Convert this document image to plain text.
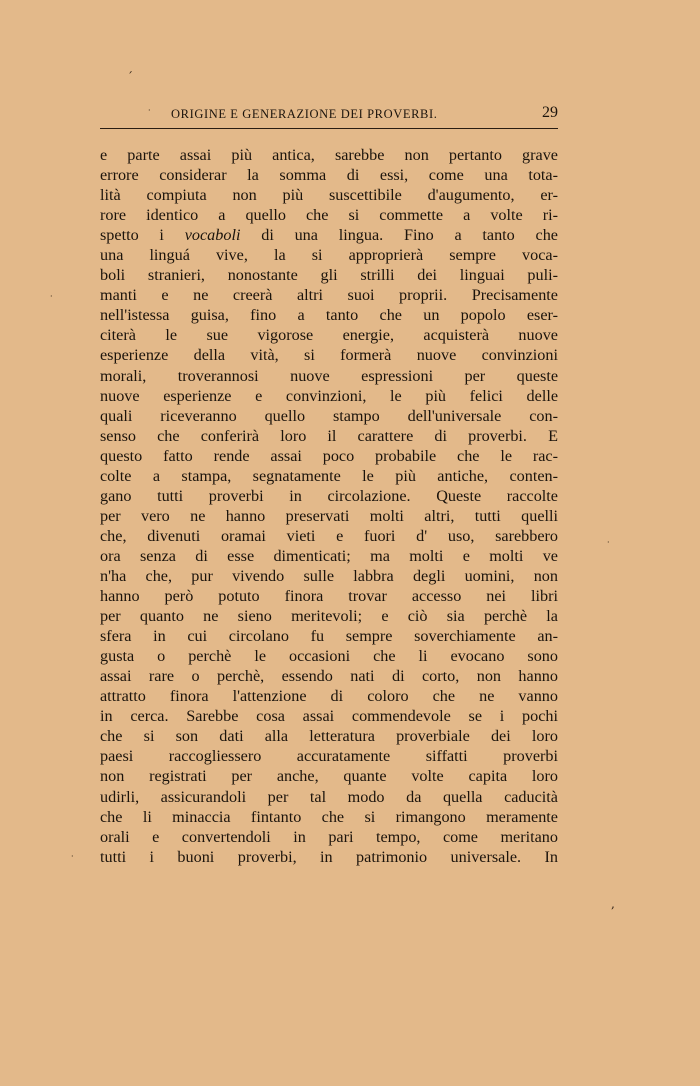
´
·
·
·
·
,
ORIGINE E GENERAZIONE DEI PROVERBI.	29
e parte assai più antica, sarebbe non pertanto grave
errore considerar la somma di essi, come una tota-
lità compiuta non più suscettibile d'augumento, er-
rore identico a quello che si commette a volte ri-
spetto i vocaboli di una lingua. Fino a tanto che
una linguá vive, la si approprierà sempre voca-
boli stranieri, nonostante gli strilli dei linguai puli-
manti e ne creerà altri suoi proprii. Precisamente
nell'istessa guisa, fino a tanto che un popolo eser-
citerà le sue vigorose energie, acquisterà nuove
esperienze della vità, si formerà nuove convinzioni
morali, troverannosi nuove espressioni per queste
nuove esperienze e convinzioni, le più felici delle
quali riceveranno quello stampo dell'universale con-
senso che conferirà loro il carattere di proverbi. E
questo fatto rende assai poco probabile che le rac-
colte a stampa, segnatamente le più antiche, conten-
gano tutti proverbi in circolazione. Queste raccolte
per vero ne hanno preservati molti altri, tutti quelli
che, divenuti oramai vieti e fuori d' uso, sarebbero
ora senza di esse dimenticati; ma molti e molti ve
n'ha che, pur vivendo sulle labbra degli uomini, non
hanno però potuto finora trovar accesso nei libri
per quanto ne sieno meritevoli; e ciò sia perchè la
sfera in cui circolano fu sempre soverchiamente an-
gusta o perchè le occasioni che li evocano sono
assai rare o perchè, essendo nati di corto, non hanno
attratto finora l'attenzione di coloro che ne vanno
in cerca. Sarebbe cosa assai commendevole se i pochi
che si son dati alla letteratura proverbiale dei loro
paesi raccogliessero accuratamente siffatti proverbi
non registrati per anche, quante volte capita loro
udirli, assicurandoli per tal modo da quella caducità
che li minaccia fintanto che si rimangono meramente
orali e convertendoli in pari tempo, come meritano
tutti i buoni proverbi, in patrimonio universale. In
